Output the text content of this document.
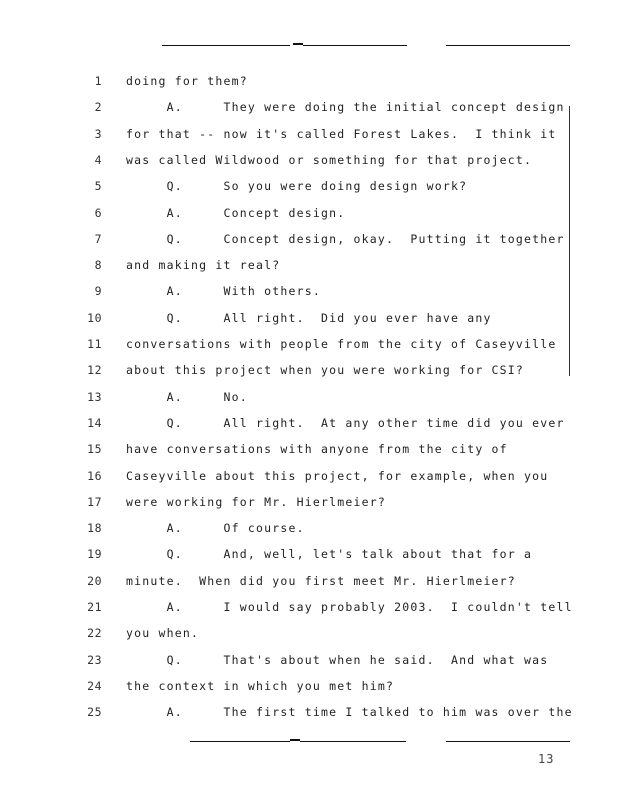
1 doing for them?
2 A.     They were doing the initial concept design
3 for that -- now it's called Forest Lakes.  I think it
4 was called Wildwood or something for that project.
5 Q.     So you were doing design work?
6 A.     Concept design.
7 Q.     Concept design, okay.  Putting it together
8 and making it real?
9 A.     With others.
10 Q.     All right.  Did you ever have any
11 conversations with people from the city of Caseyville
12 about this project when you were working for CSI?
13 A.     No.
14 Q.     All right.  At any other time did you ever
15 have conversations with anyone from the city of
16 Caseyville about this project, for example, when you
17 were working for Mr. Hierlmeier?
18 A.     Of course.
19 Q.     And, well, let's talk about that for a
20 minute.  When did you first meet Mr. Hierlmeier?
21 A.     I would say probably 2003.  I couldn't tell
22 you when.
23 Q.     That's about when he said.  And what was
24 the context in which you met him?
25 A.     The first time I talked to him was over the
13
